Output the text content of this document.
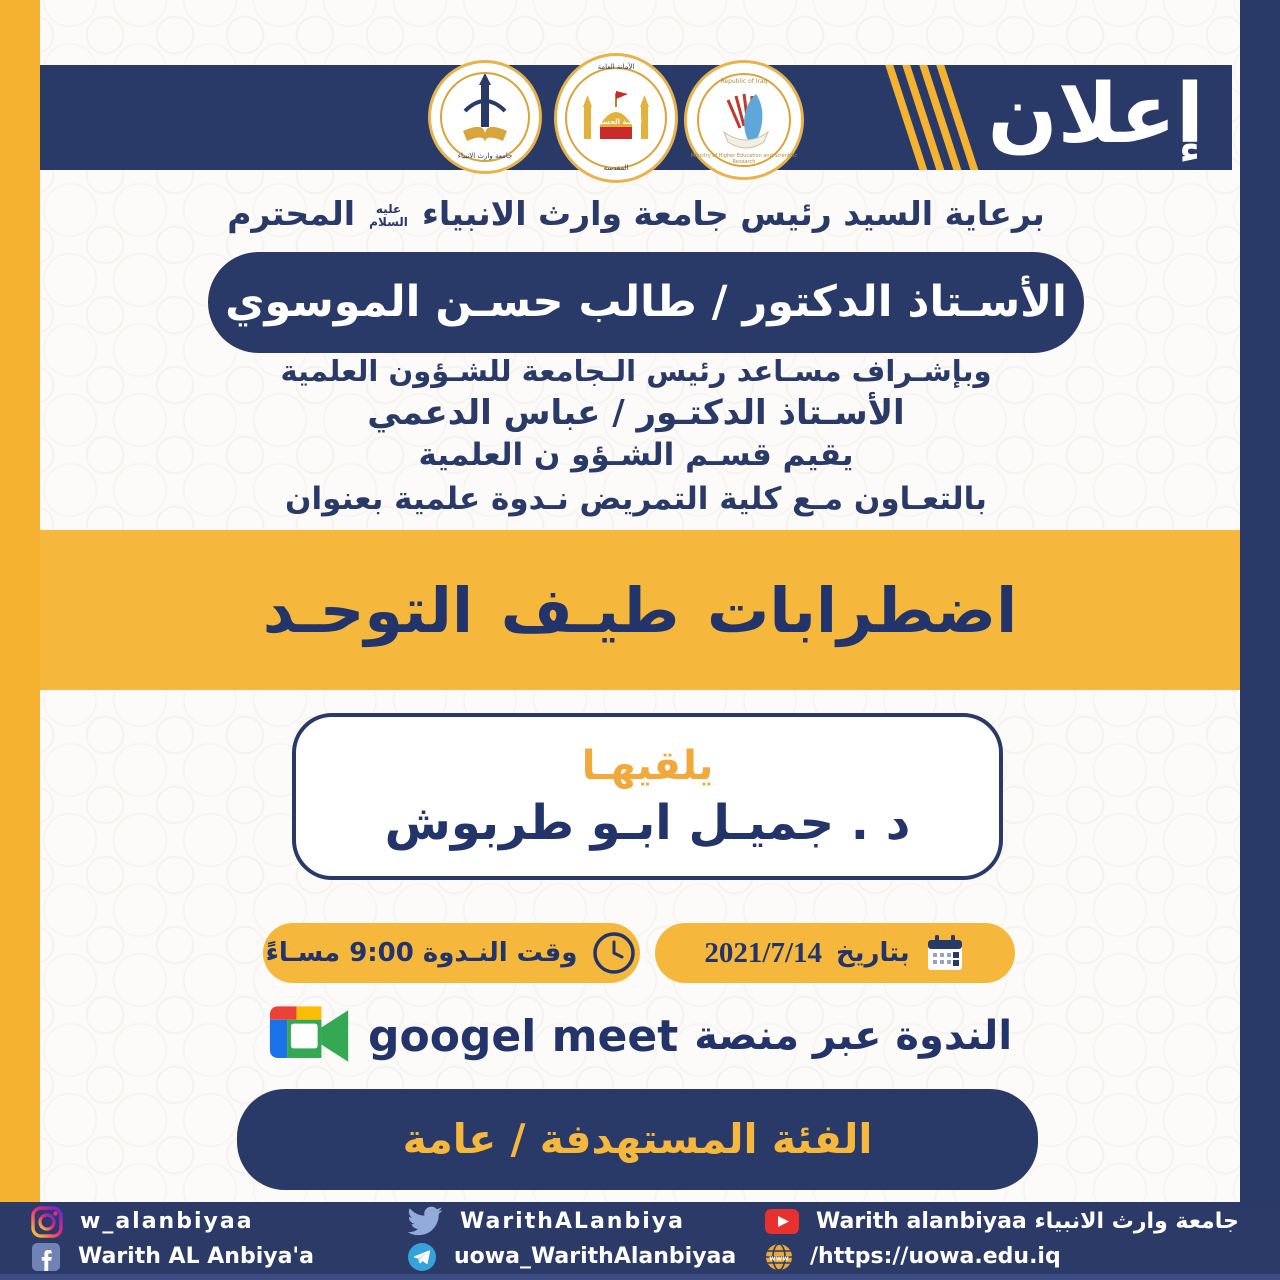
إعلان
جامعة وارث الانبياء
الأمانة العامة
للعتبة الحسينية
المقدسة
Republic of Iraq
Ministry of Higher Education and Scientific Research
برعاية السيد رئيس جامعة وارث الانبياء عليه السلام المحترم
الأسـتاذ الدكتور / طالب حسـن الموسوي
وبإشـراف مسـاعد رئيس الـجامعة للشـؤون العلمية
الأسـتاذ الدكتـور / عباس الدعمي
يقيم قسـم الشـؤو ن العلمية
بالتعـاون مـع كلية التمريض نـدوة علمية بعنوان
اضطرابات طيـف التوحـد
يلقيهـا
د . جميـل ابـو طربوش
وقت النـدوة 9:00 مسـاءً	بتاريخ
2021/7/14
الندوة عبر منصة
googel meet
الفئة المستهدفة / عامة
w_alanbiyaa
Warith AL Anbiya'a
WarithALanbiya
uowa_WarithAlanbiyaa
Warith alanbiyaa جامعة وارث الانبياء
www /https://uowa.edu.iq
